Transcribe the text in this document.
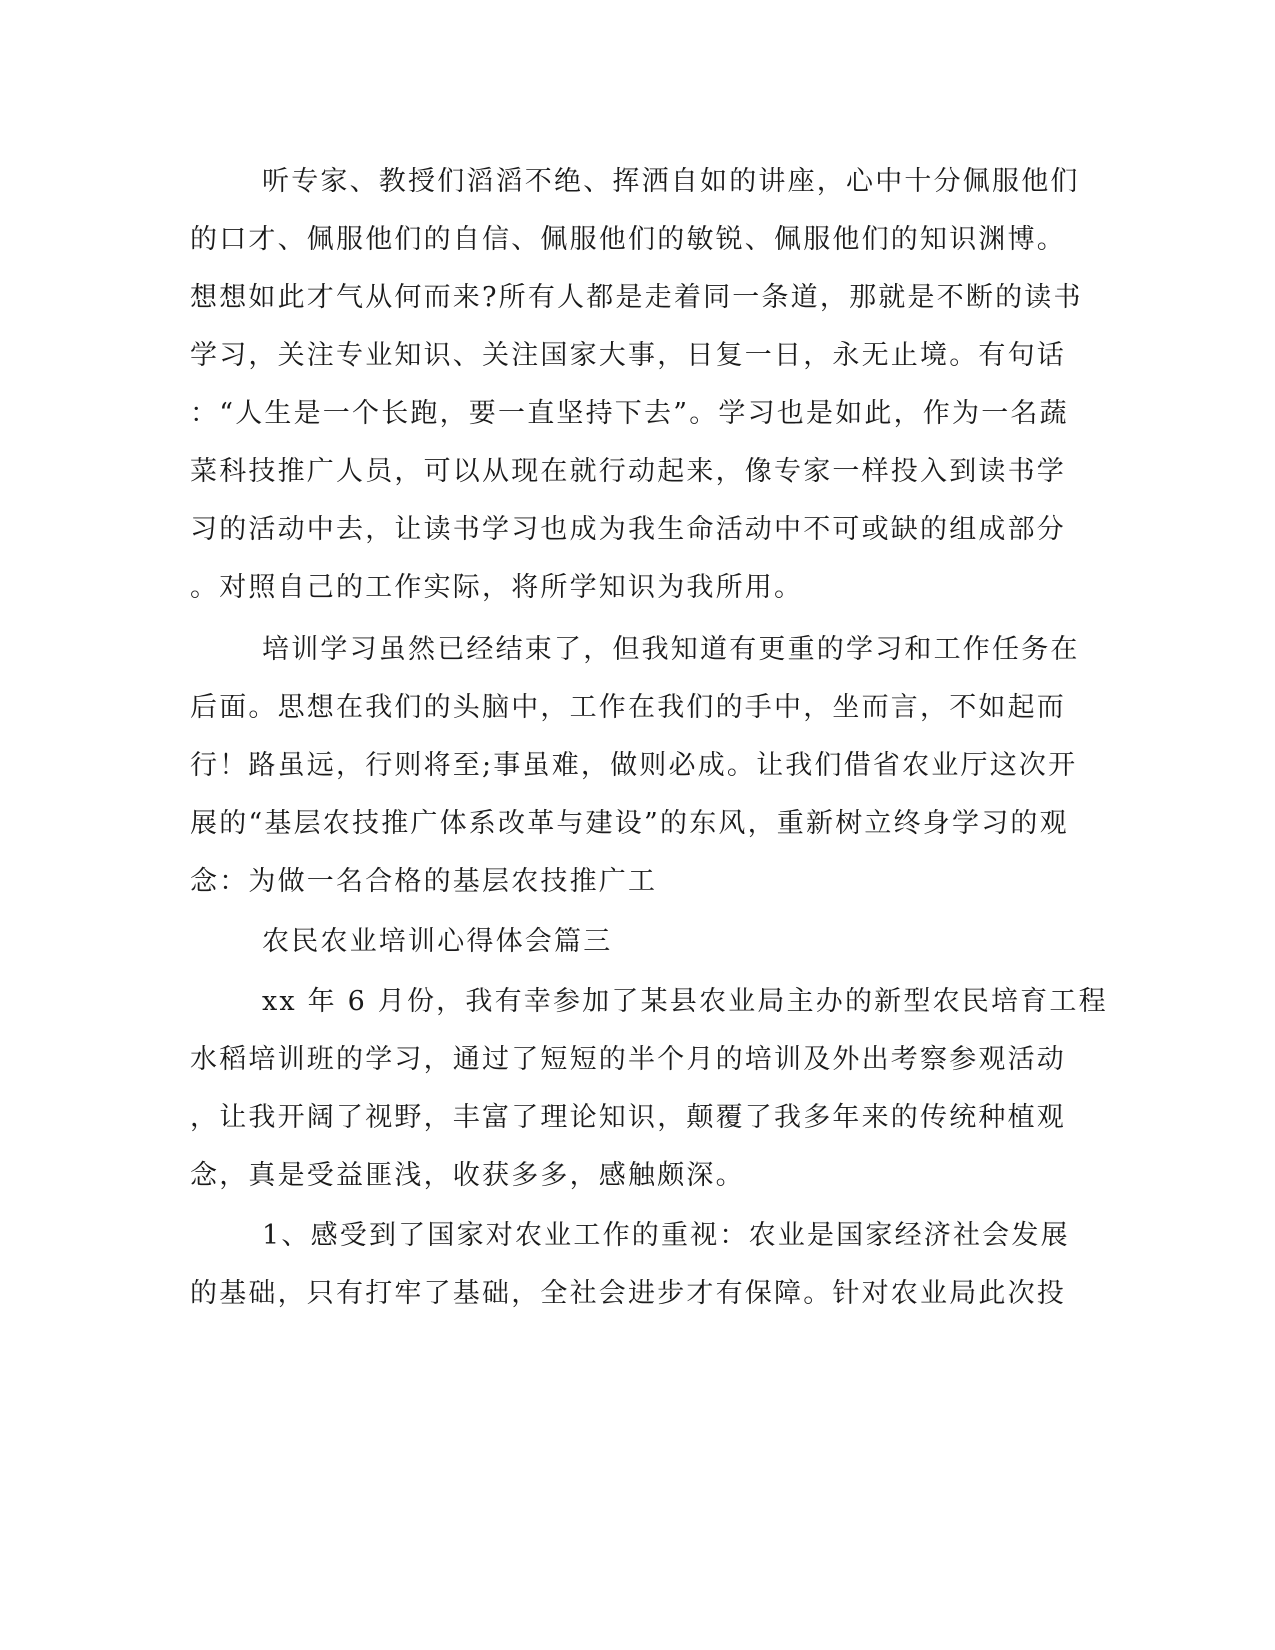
听专家、教授们滔滔不绝、挥洒自如的讲座，心中十分佩服他们
的口才、佩服他们的自信、佩服他们的敏锐、佩服他们的知识渊博。
想想如此才气从何而来?所有人都是走着同一条道，那就是不断的读书
学习，关注专业知识、关注国家大事，日复一日，永无止境。有句话
：“人生是一个长跑，要一直坚持下去”。学习也是如此，作为一名蔬
菜科技推广人员，可以从现在就行动起来，像专家一样投入到读书学
习的活动中去，让读书学习也成为我生命活动中不可或缺的组成部分
。对照自己的工作实际，将所学知识为我所用。
培训学习虽然已经结束了，但我知道有更重的学习和工作任务在
后面。思想在我们的头脑中，工作在我们的手中，坐而言，不如起而
行！路虽远，行则将至;事虽难，做则必成。让我们借省农业厅这次开
展的“基层农技推广体系改革与建设”的东风，重新树立终身学习的观
念：为做一名合格的基层农技推广工
农民农业培训心得体会篇三
xx 年 6 月份，我有幸参加了某县农业局主办的新型农民培育工程
水稻培训班的学习，通过了短短的半个月的培训及外出考察参观活动
，让我开阔了视野，丰富了理论知识，颠覆了我多年来的传统种植观
念，真是受益匪浅，收获多多，感触颇深。
1、感受到了国家对农业工作的重视：农业是国家经济社会发展
的基础，只有打牢了基础，全社会进步才有保障。针对农业局此次投
